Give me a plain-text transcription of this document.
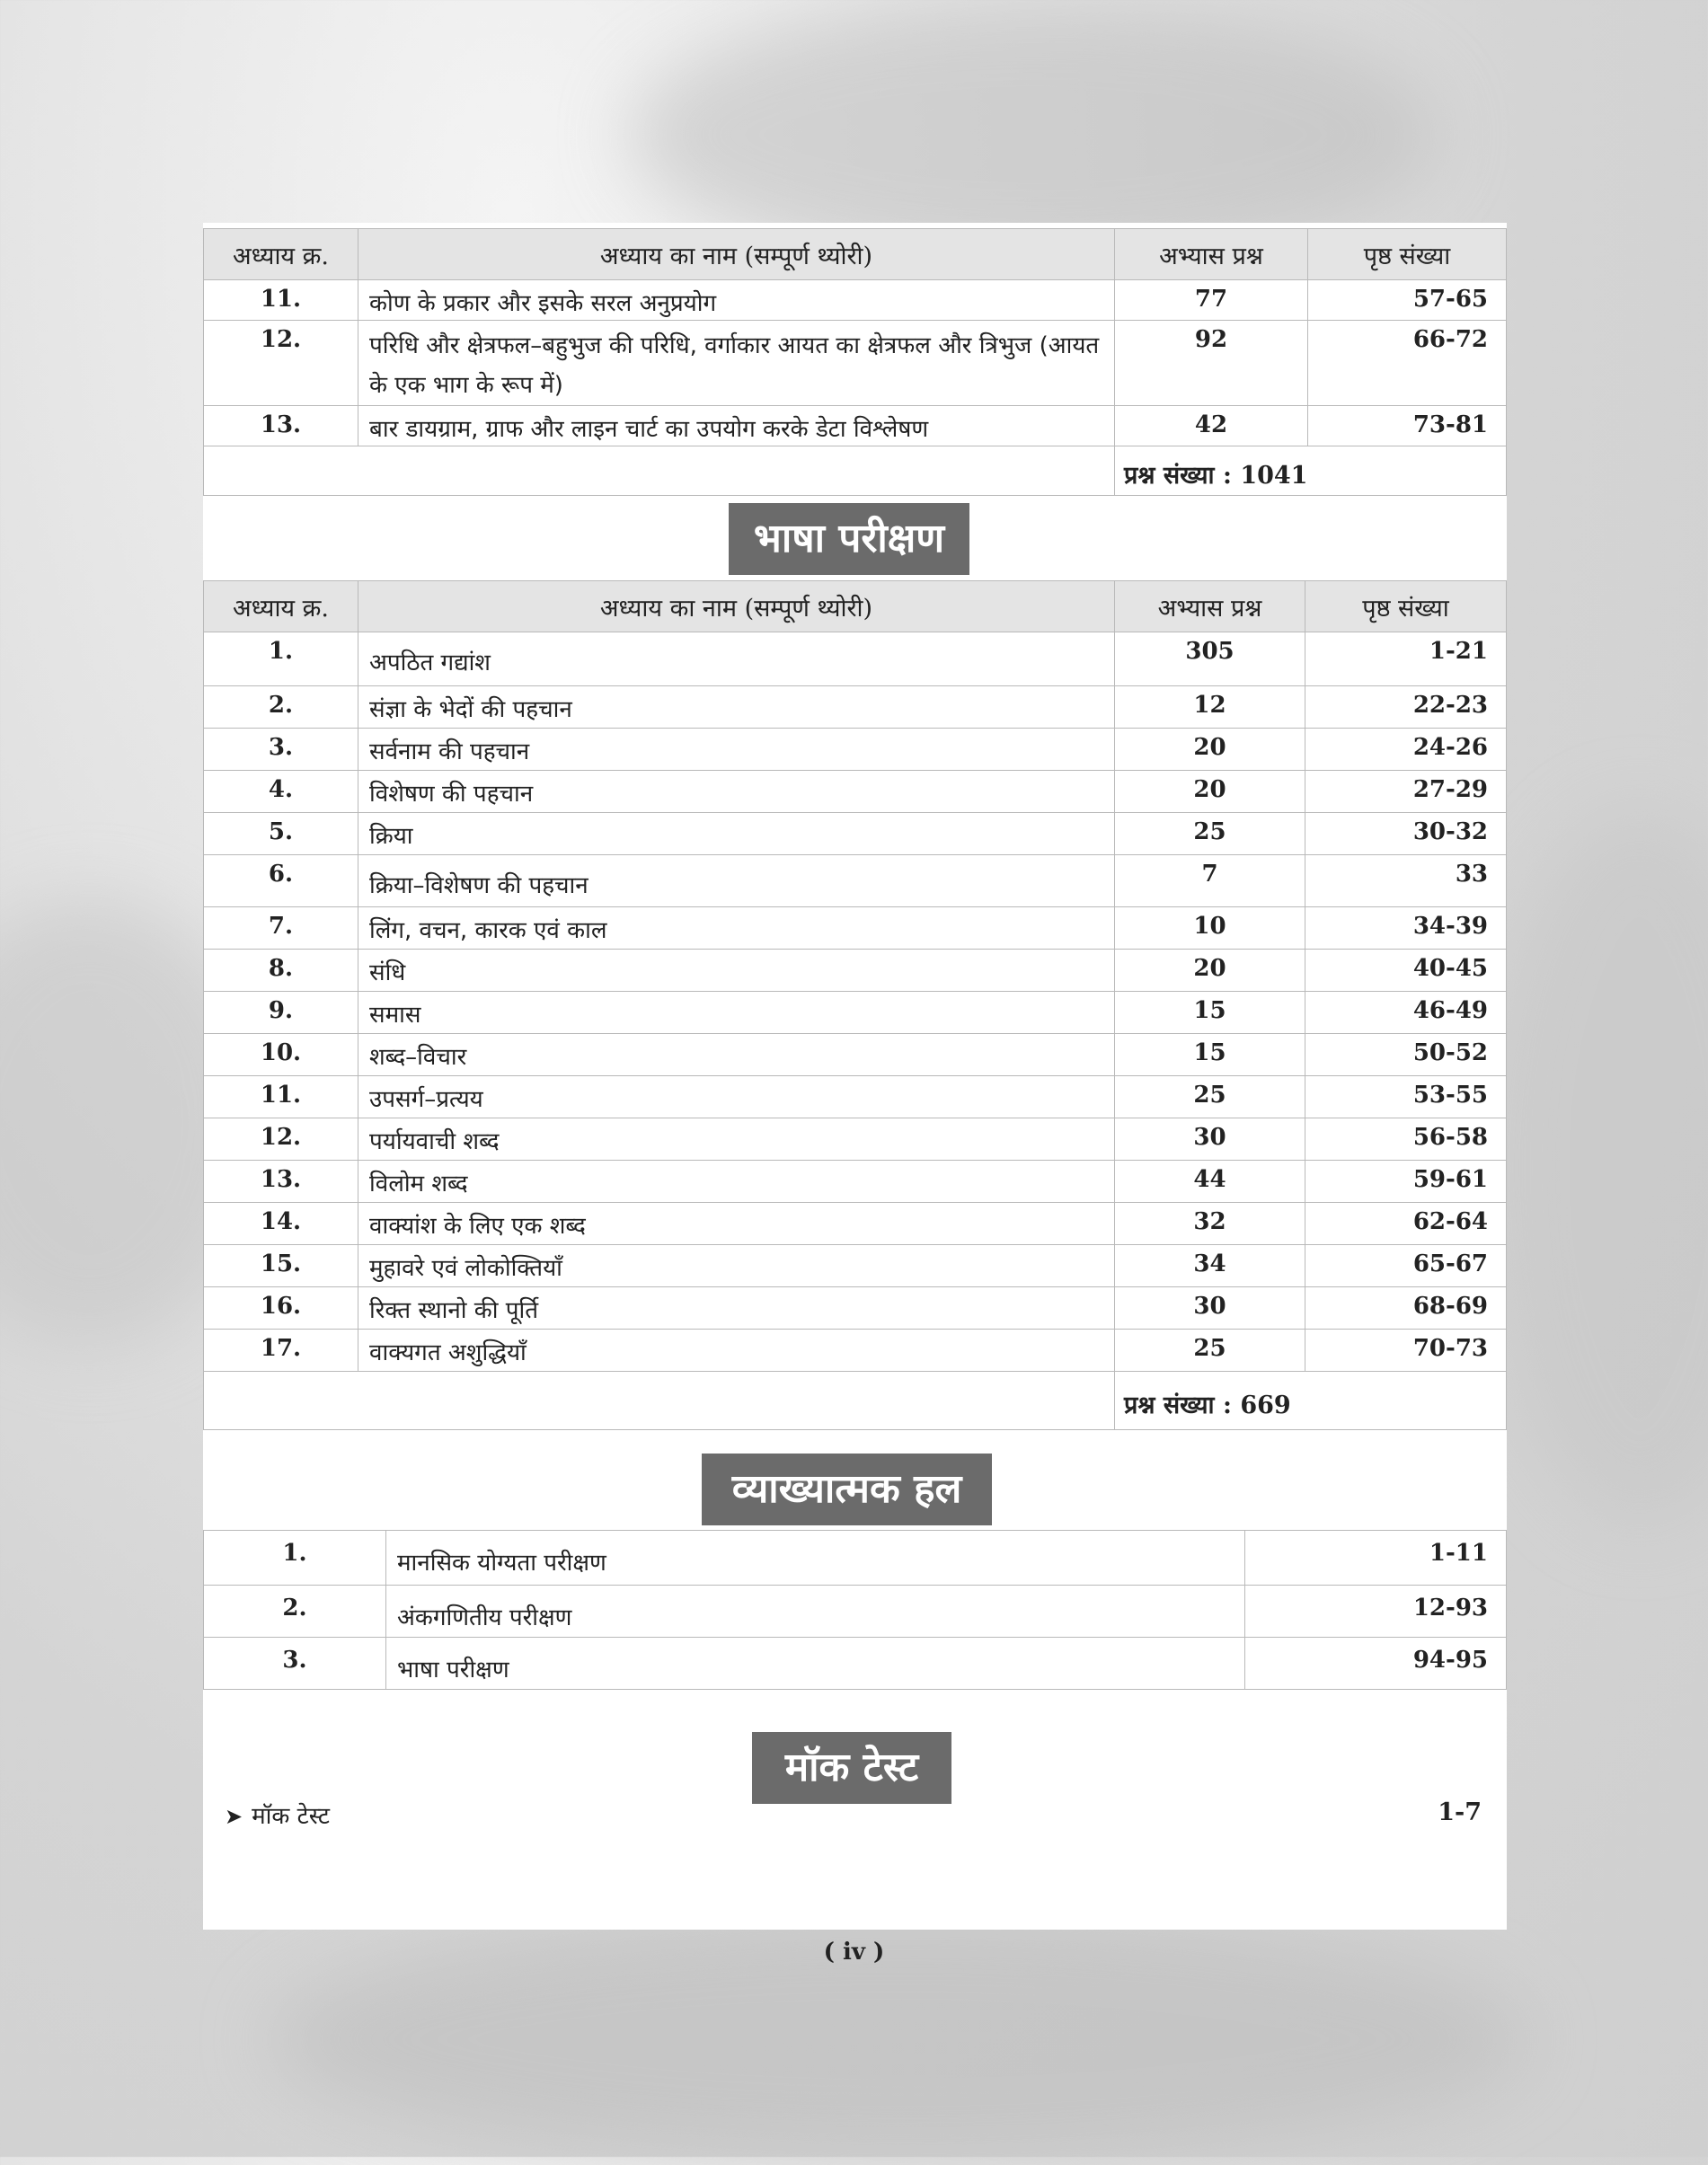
अध्याय क्र.	अध्याय का नाम (सम्पूर्ण थ्योरी)	अभ्यास प्रश्न	पृष्ठ संख्या
11.	कोण के प्रकार और इसके सरल अनुप्रयोग	77	57-65
12.	परिधि और क्षेत्रफल–बहुभुज की परिधि, वर्गाकार आयत का क्षेत्रफल और त्रिभुज (आयत के एक भाग के रूप में)	92	66-72
13.	बार डायग्राम, ग्राफ और लाइन चार्ट का उपयोग करके डेटा विश्लेषण	42	73-81
		प्रश्न संख्या : 1041	
भाषा परीक्षण
अध्याय क्र.	अध्याय का नाम (सम्पूर्ण थ्योरी)	अभ्यास प्रश्न	पृष्ठ संख्या
1.	अपठित गद्यांश	305	1-21
2.	संज्ञा के भेदों की पहचान	12	22-23
3.	सर्वनाम की पहचान	20	24-26
4.	विशेषण की पहचान	20	27-29
5.	क्रिया	25	30-32
6.	क्रिया–विशेषण की पहचान	7	33
7.	लिंग, वचन, कारक एवं काल	10	34-39
8.	संधि	20	40-45
9.	समास	15	46-49
10.	शब्द–विचार	15	50-52
11.	उपसर्ग–प्रत्यय	25	53-55
12.	पर्यायवाची शब्द	30	56-58
13.	विलोम शब्द	44	59-61
14.	वाक्यांश के लिए एक शब्द	32	62-64
15.	मुहावरे एवं लोकोक्तियाँ	34	65-67
16.	रिक्त स्थानो की पूर्ति	30	68-69
17.	वाक्यगत अशुद्धियाँ	25	70-73
		प्रश्न संख्या : 669	
व्याख्यात्मक हल
1.	मानसिक योग्यता परीक्षण	1-11
2.	अंकगणितीय परीक्षण	12-93
3.	भाषा परीक्षण	94-95
मॉक टेस्ट
➤ मॉक टेस्ट	1-7
( iv )
